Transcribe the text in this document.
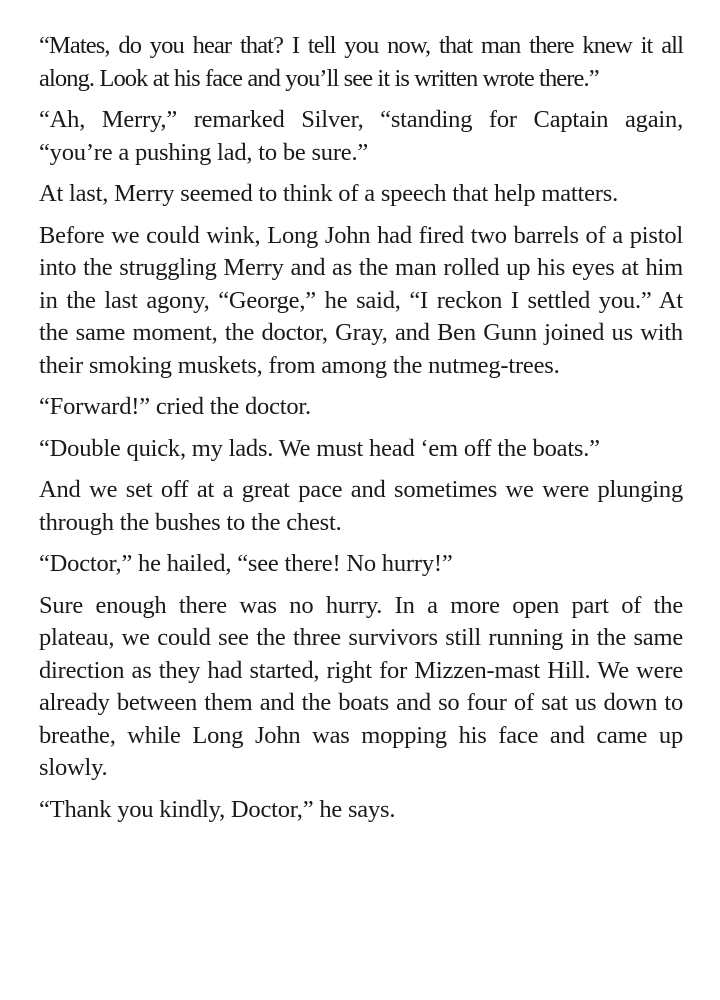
“Mates, do you hear that? I tell you now, that man there knew it all along. Look at his face and you’ll see it is written wrote there.”

“Ah, Merry,” remarked Silver, “standing for Captain again, “you’re a pushing lad, to be sure.”

At last, Merry seemed to think of a speech that help matters.

Before we could wink, Long John had fired two barrels of a pistol into the struggling Merry and as the man rolled up his eyes at him in the last agony, “George,” he said, “I reckon I settled you.” At the same moment, the doctor, Gray, and Ben Gunn joined us with their smoking muskets, from among the nutmeg-trees.

“Forward!” cried the doctor.

“Double quick, my lads. We must head ‘em off the boats.”

And we set off at a great pace and sometimes we were plunging through the bushes to the chest.

“Doctor,” he hailed, “see there! No hurry!”

Sure enough there was no hurry. In a more open part of the plateau, we could see the three survivors still running in the same direction as they had started, right for Mizzen-mast Hill. We were already between them and the boats and so four of sat us down to breathe, while Long John was mopping his face and came up slowly.

“Thank you kindly, Doctor,” he says.
